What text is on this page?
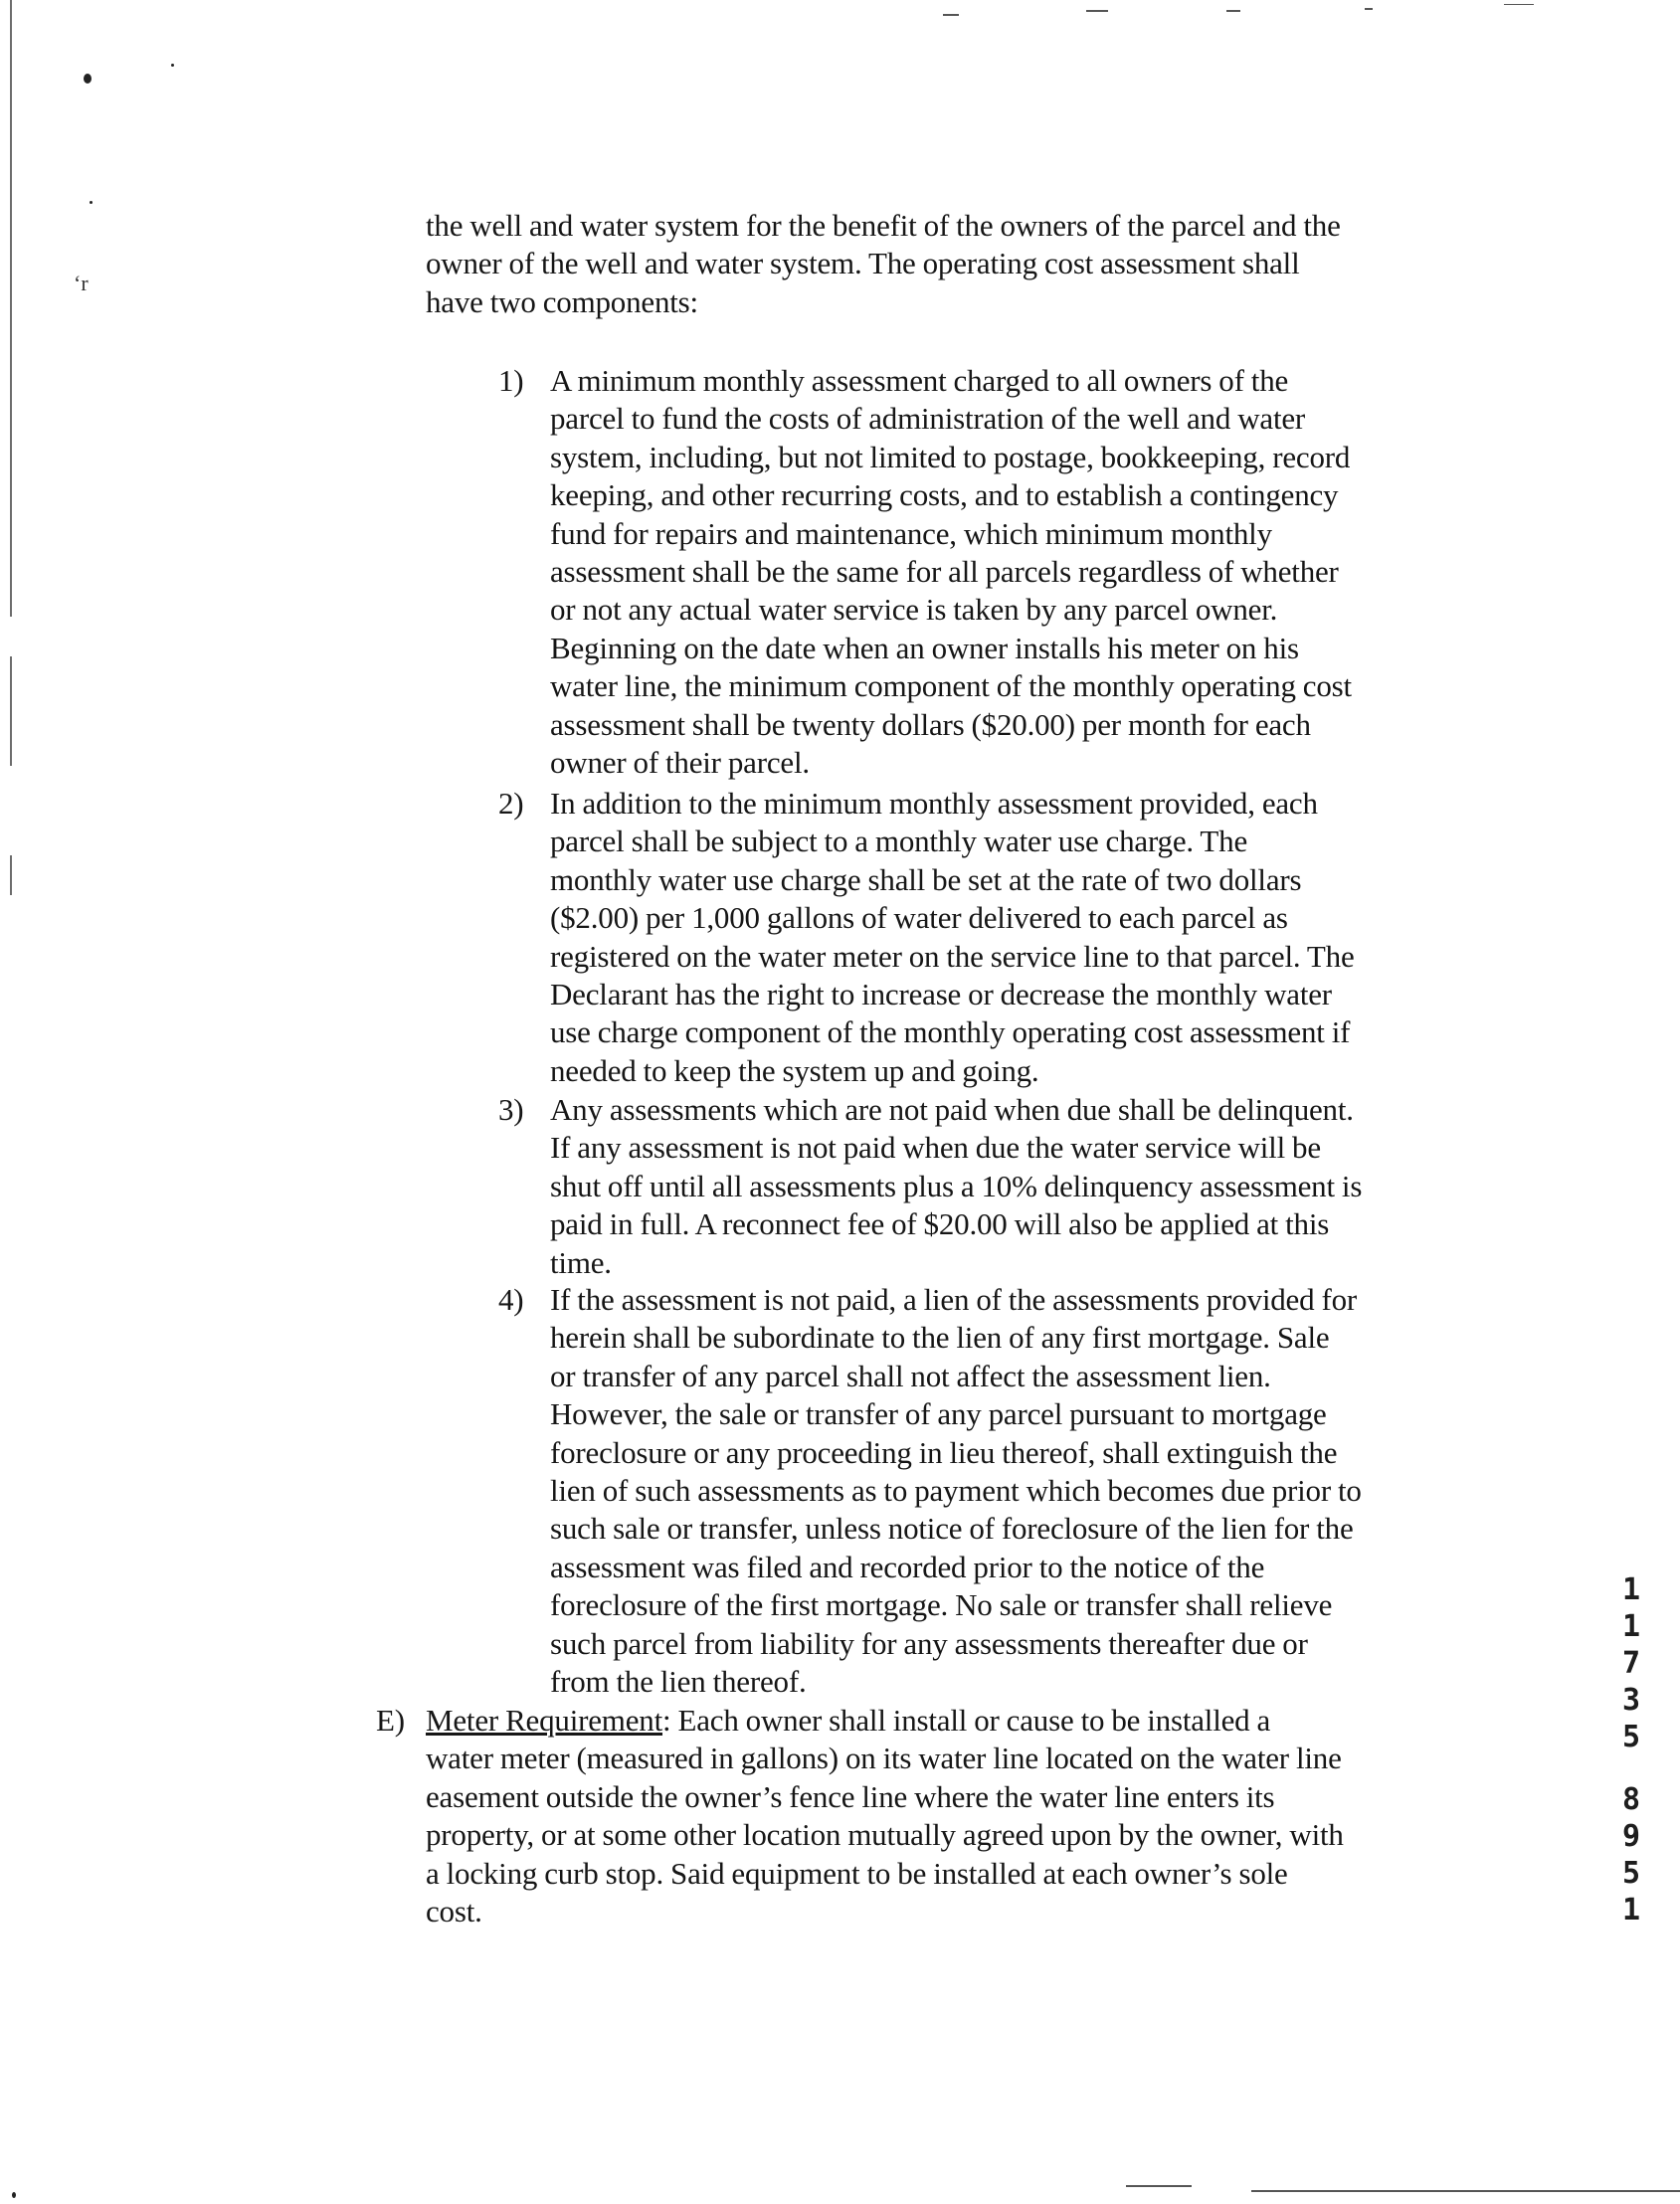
‘r
the well and water system for the benefit of the owners of the parcel and the
owner of the well and water system. The operating cost assessment shall
have two components:
1) A minimum monthly assessment charged to all owners of the
parcel to fund the costs of administration of the well and water
system, including, but not limited to postage, bookkeeping, record
keeping, and other recurring costs, and to establish a contingency
fund for repairs and maintenance, which minimum monthly
assessment shall be the same for all parcels regardless of whether
or not any actual water service is taken by any parcel owner.
Beginning on the date when an owner installs his meter on his
water line, the minimum component of the monthly operating cost
assessment shall be twenty dollars ($20.00) per month for each
owner of their parcel.
2) In addition to the minimum monthly assessment provided, each
parcel shall be subject to a monthly water use charge. The
monthly water use charge shall be set at the rate of two dollars
($2.00) per 1,000 gallons of water delivered to each parcel as
registered on the water meter on the service line to that parcel. The
Declarant has the right to increase or decrease the monthly water
use charge component of the monthly operating cost assessment if
needed to keep the system up and going.
3) Any assessments which are not paid when due shall be delinquent.
If any assessment is not paid when due the water service will be
shut off until all assessments plus a 10% delinquency assessment is
paid in full. A reconnect fee of $20.00 will also be applied at this
time.
4) If the assessment is not paid, a lien of the assessments provided for
herein shall be subordinate to the lien of any first mortgage. Sale
or transfer of any parcel shall not affect the assessment lien.
However, the sale or transfer of any parcel pursuant to mortgage
foreclosure or any proceeding in lieu thereof, shall extinguish the
lien of such assessments as to payment which becomes due prior to
such sale or transfer, unless notice of foreclosure of the lien for the
assessment was filed and recorded prior to the notice of the
foreclosure of the first mortgage. No sale or transfer shall relieve
such parcel from liability for any assessments thereafter due or
from the lien thereof.
E) Meter Requirement: Each owner shall install or cause to be installed a
water meter (measured in gallons) on its water line located on the water line
easement outside the owner’s fence line where the water line enters its
property, or at some other location mutually agreed upon by the owner, with
a locking curb stop. Said equipment to be installed at each owner’s sole
cost.
1
1
7
3
5
8
9
5
1
